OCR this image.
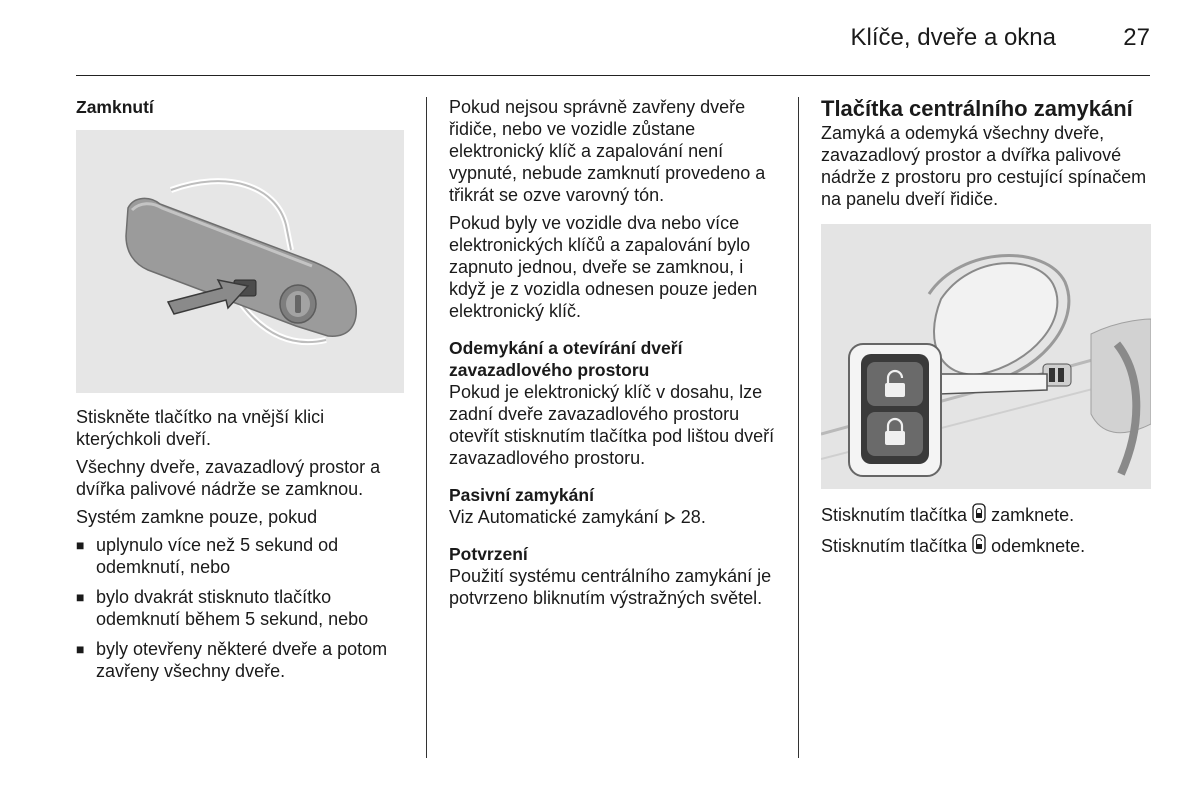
Klíče, dveře a okna	27
Zamknutí

Stiskněte tlačítko na vnější klici kterýchkoli dveří.

Všechny dveře, zavazadlový prostor a dvířka palivové nádrže se zamknou.

Systém zamkne pouze, pokud

■ uplynulo více než 5 sekund od odemknutí, nebo
■ bylo dvakrát stisknuto tlačítko odemknutí během 5 sekund, nebo
■ byly otevřeny některé dveře a potom zavřeny všechny dveře.

Pokud nejsou správně zavřeny dveře řidiče, nebo ve vozidle zůstane elektronický klíč a zapalování není vypnuté, nebude zamknutí provedeno a třikrát se ozve varovný tón.

Pokud byly ve vozidle dva nebo více elektronických klíčů a zapalování bylo zapnuto jednou, dveře se zamknou, i když je z vozidla odnesen pouze jeden elektronický klíč.

Odemykání a otevírání dveří zavazadlového prostoru

Pokud je elektronický klíč v dosahu, lze zadní dveře zavazadlového prostoru otevřít stisknutím tlačítka pod lištou dveří zavazadlového prostoru.

Pasivní zamykání

Viz Automatické zamykání 28.

Potvrzení

Použití systému centrálního zamykání je potvrzeno bliknutím výstražných světel.

Tlačítka centrálního zamykání

Zamyká a odemyká všechny dveře, zavazadlový prostor a dvířka palivové nádrže z prostoru pro cestující spínačem na panelu dveří řidiče.

Stisknutím tlačítka zamknete.

Stisknutím tlačítka odemknete.
